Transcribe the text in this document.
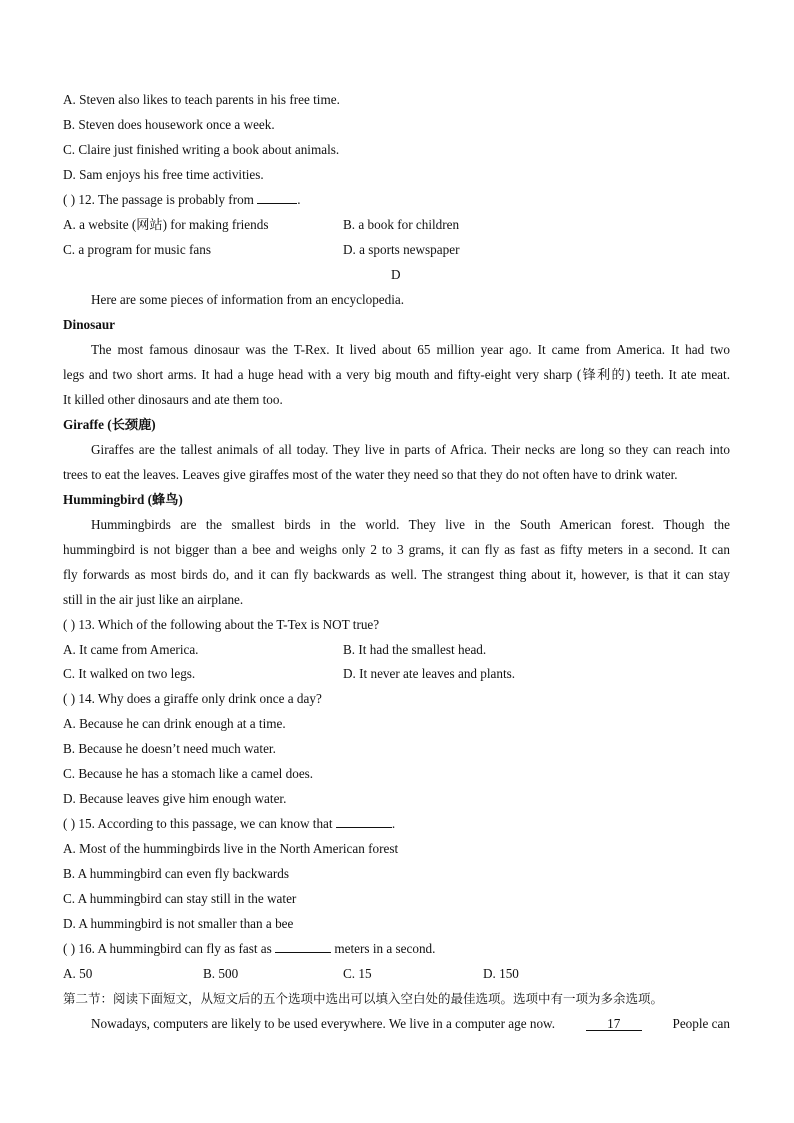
A. Steven also likes to teach parents in his free time.
B. Steven does housework once a week.
C. Claire just finished writing a book about animals.
D. Sam enjoys his free time activities.
( ) 12. The passage is probably from	.
A. a website (网站) for making friends	B. a book for children
C. a program for music fans	D. a sports newspaper
D
Here are some pieces of information from an encyclopedia.
Dinosaur
The most famous dinosaur was the T-Rex. It lived about 65 million year ago. It came from America. It had two
legs and two short arms. It had a huge head with a very big mouth and fifty-eight very sharp (锋利的) teeth. It ate meat.
It killed other dinosaurs and ate them too.
Giraffe (长颈鹿)
Giraffes are the tallest animals of all today. They live in parts of Africa. Their necks are long so they can reach into
trees to eat the leaves. Leaves give giraffes most of the water they need so that they do not often have to drink water.
Hummingbird (蜂鸟)
Hummingbirds are the smallest birds in the world. They live in the South American forest. Though the
hummingbird is not bigger than a bee and weighs only 2 to 3 grams, it can fly as fast as fifty meters in a second. It can
fly forwards as most birds do, and it can fly backwards as well. The strangest thing about it, however, is that it can stay
still in the air just like an airplane.
( ) 13. Which of the following about the T-Tex is NOT true?
A. It came from America.	B. It had the smallest head.
C. It walked on two legs.	D. It never ate leaves and plants.
( ) 14. Why does a giraffe only drink once a day?
A. Because he can drink enough at a time.
B. Because he doesn’t need much water.
C. Because he has a stomach like a camel does.
D. Because leaves give him enough water.
( ) 15. According to this passage, we can know that	.
A. Most of the hummingbirds live in the North American forest
B. A hummingbird can even fly backwards
C. A hummingbird can stay still in the water
D. A hummingbird is not smaller than a bee
( ) 16. A hummingbird can fly as fast as	meters in a second.
A. 50	B. 500	C. 15	D. 150
第二节：阅读下面短文，从短文后的五个选项中选出可以填入空白处的最佳选项。选项中有一项为多余选项。
Nowadays, computers are likely to be used everywhere. We live in a computer age now.	17	People can
